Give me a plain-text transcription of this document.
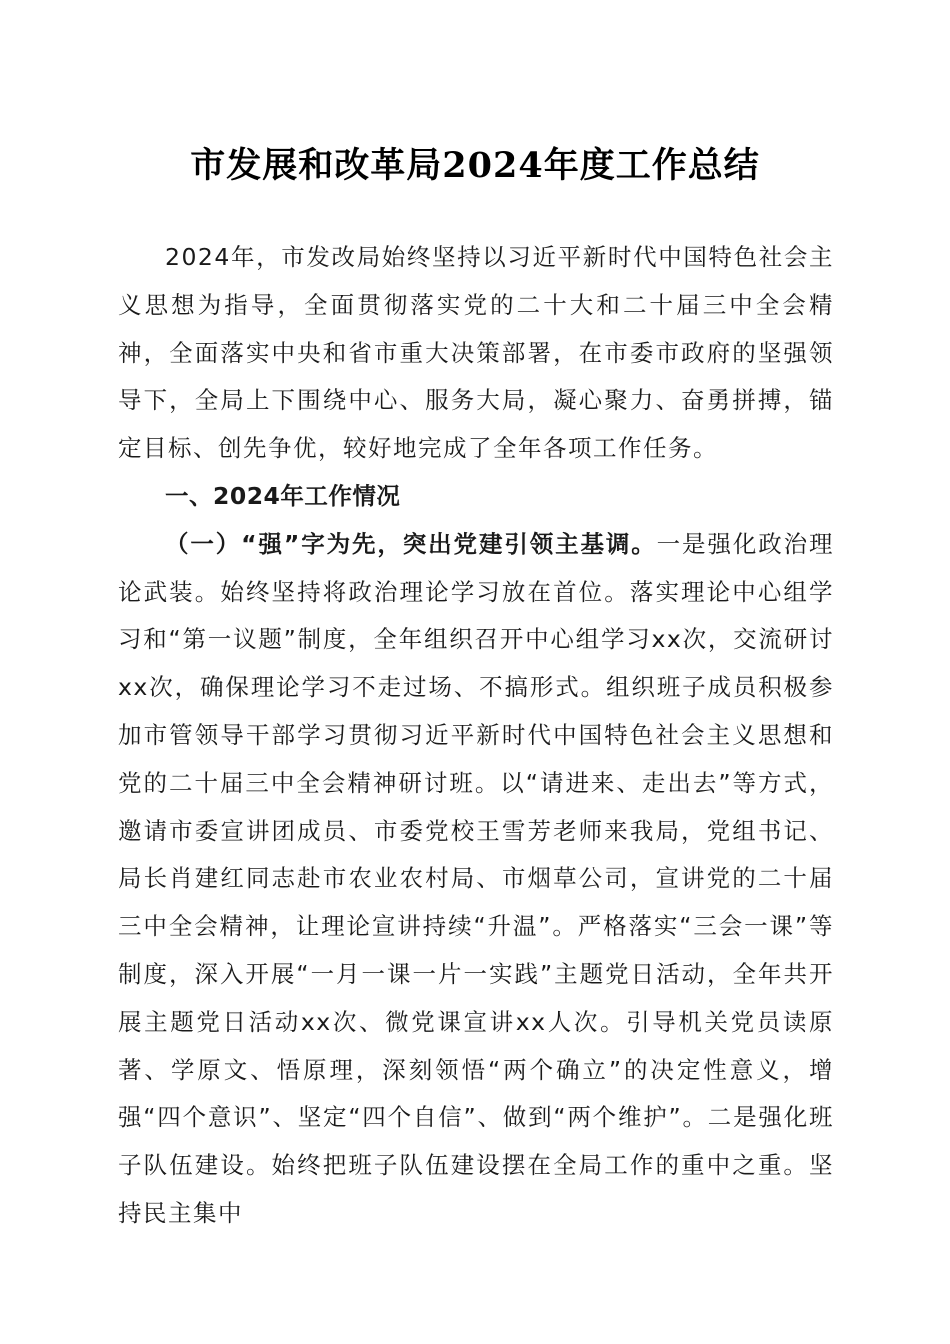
市发展和改革局2024年度工作总结

2024年，市发改局始终坚持以习近平新时代中国特色社会主义思想为指导，全面贯彻落实党的二十大和二十届三中全会精神，全面落实中央和省市重大决策部署，在市委市政府的坚强领导下，全局上下围绕中心、服务大局，凝心聚力、奋勇拼搏，锚定目标、创先争优，较好地完成了全年各项工作任务。

一、2024年工作情况

（一）“强”字为先，突出党建引领主基调。一是强化政治理论武装。始终坚持将政治理论学习放在首位。落实理论中心组学习和“第一议题”制度，全年组织召开中心组学习xx次，交流研讨xx次，确保理论学习不走过场、不搞形式。组织班子成员积极参加市管领导干部学习贯彻习近平新时代中国特色社会主义思想和党的二十届三中全会精神研讨班。以“请进来、走出去”等方式，邀请市委宣讲团成员、市委党校王雪芳老师来我局，党组书记、局长肖建红同志赴市农业农村局、市烟草公司，宣讲党的二十届三中全会精神，让理论宣讲持续“升温”。严格落实“三会一课”等制度，深入开展“一月一课一片一实践”主题党日活动，全年共开展主题党日活动xx次、微党课宣讲xx人次。引导机关党员读原著、学原文、悟原理，深刻领悟“两个确立”的决定性意义，增强“四个意识”、坚定“四个自信”、做到“两个维护”。二是强化班子队伍建设。始终把班子队伍建设摆在全局工作的重中之重。坚持民主集中
